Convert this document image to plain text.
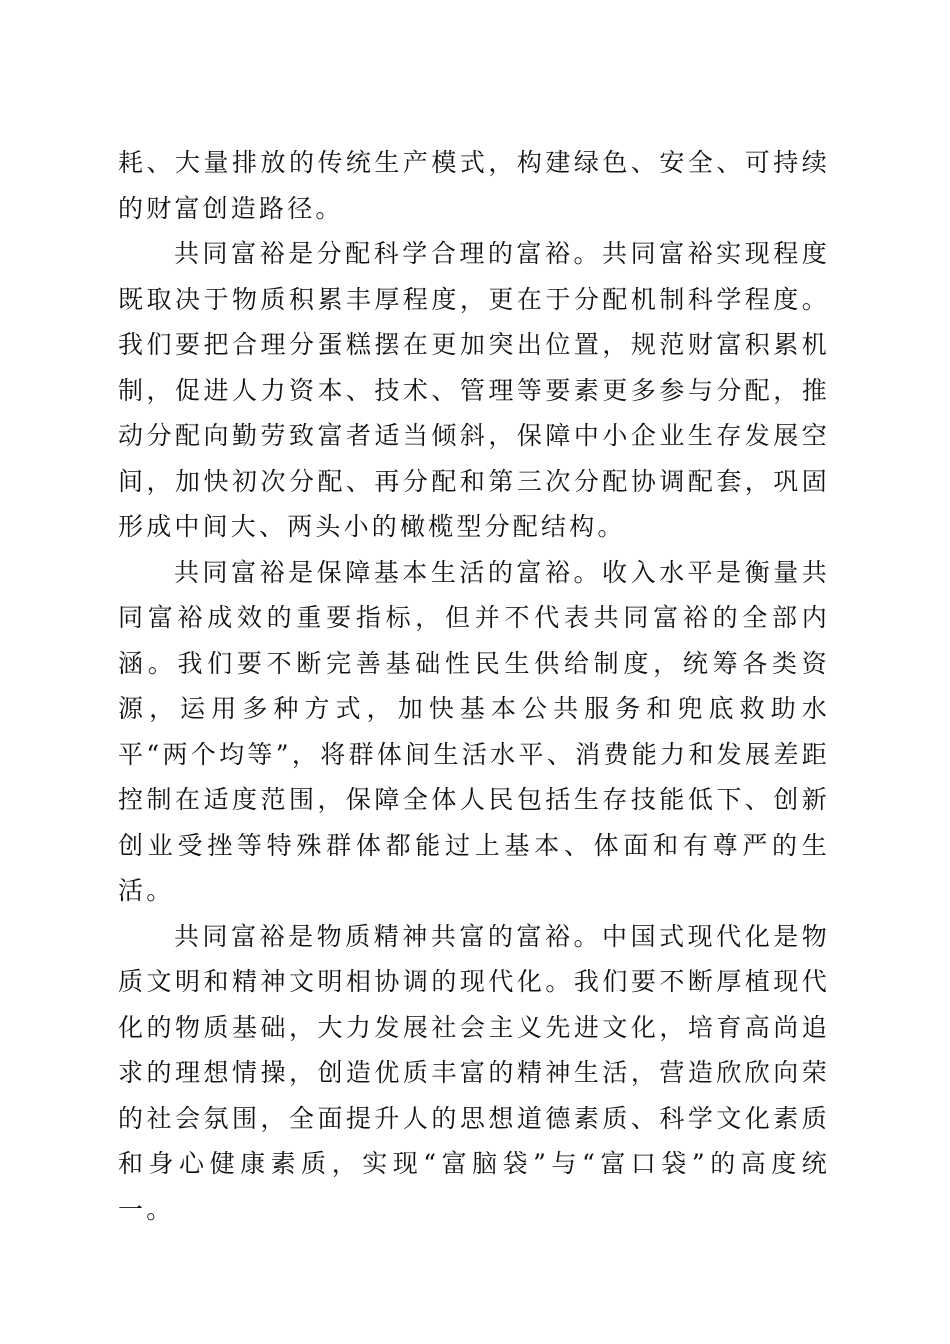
耗、大量排放的传统生产模式，构建绿色、安全、可持续的财富创造路径。

共同富裕是分配科学合理的富裕。共同富裕实现程度既取决于物质积累丰厚程度，更在于分配机制科学程度。我们要把合理分蛋糕摆在更加突出位置，规范财富积累机制，促进人力资本、技术、管理等要素更多参与分配，推动分配向勤劳致富者适当倾斜，保障中小企业生存发展空间，加快初次分配、再分配和第三次分配协调配套，巩固形成中间大、两头小的橄榄型分配结构。

共同富裕是保障基本生活的富裕。收入水平是衡量共同富裕成效的重要指标，但并不代表共同富裕的全部内涵。我们要不断完善基础性民生供给制度，统筹各类资源，运用多种方式，加快基本公共服务和兜底救助水平“两个均等”，将群体间生活水平、消费能力和发展差距控制在适度范围，保障全体人民包括生存技能低下、创新创业受挫等特殊群体都能过上基本、体面和有尊严的生活。

共同富裕是物质精神共富的富裕。中国式现代化是物质文明和精神文明相协调的现代化。我们要不断厚植现代化的物质基础，大力发展社会主义先进文化，培育高尚追求的理想情操，创造优质丰富的精神生活，营造欣欣向荣的社会氛围，全面提升人的思想道德素质、科学文化素质和身心健康素质，实现“富脑袋”与“富口袋”的高度统一。
